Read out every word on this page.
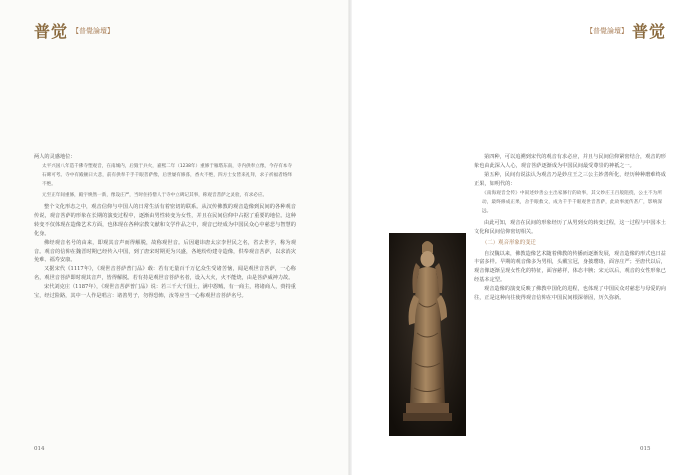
普觉 【普覺論壇】	【普覺論壇】 普觉

两人的灵感地位：

太平兴国八年造千佛寺塑观音，在南城内，后毁于兵火，嘉熙二年（1238年）重修于雁塔东南，寺内供奉立像，今存有本寺石碑可考。寺中有殿额曰大悲，前有供奉千手千眼菩萨像，后世屡有修葺，香火不绝，四方士女皆来礼拜，求子祈福者络绎不绝。

元至正年间重修，殿宇焕然一新，像设庄严，当时住持僧人于寺中立碑记其事，称观音菩萨之灵验，有求必应。

整个文化形态之中，观音信仰与中国人的日常生活有着密切的联系。从汉传佛教的观音造像到民间的各种观音传说，观音菩萨的形象在长期的演变过程中，逐渐由男性转变为女性，并且在民间信仰中占据了重要的地位。这种转变不仅体现在造像艺术方面，也体现在各种宗教文献和文学作品之中，观音已经成为中国民众心中慈悲与智慧的化身。

佛经观音名号的由来，即观其音声而得解脱，故称观世音。后因避讳唐太宗李世民之名，省去世字，称为观音。观音的信仰在魏晋时期已经传入中国，到了唐宋时期更为兴盛，各地纷纷建寺造像，供奉观音菩萨，以求消灾免难、福寿安康。

又据宋代《1117年》，《观世音菩萨普门品》载：若有无量百千万亿众生受诸苦恼，闻是观世音菩萨，一心称名，观世音菩萨即时观其音声，皆得解脱。若有持是观世音菩萨名者，设入大火，火不能烧，由是菩萨威神力故。

宋代刘克庄（1187年），《观世音菩萨普门品》说：若三千大千国土，满中怨贼，有一商主，将诸商人，赍持重宝，经过险路，其中一人作是唱言：诸善男子，勿得恐怖，汝等应当一心称观世音菩萨名号。

第四种，可以追溯到宋代的观音有求必应，并且与民间信仰紧密结合，观音的形象也由此深入人心，观音菩萨逐渐成为中国民间最受尊崇的神祇之一。

第五种，民间有说法认为观音乃是妙庄王之三公主妙善所化，经历种种磨难终成正果，如明代的：

《南海观音全传》中叙述妙善公主出家修行的故事，其父妙庄王百般阻挠，公主不为所动，最终修成正果，舍手眼救父，成为千手千眼观世音菩萨，此故事流传甚广，影响深远。

由此可知，观音在民间的形象经历了从男到女的转变过程，这一过程与中国本土文化和民间信仰密切相关。

（二）观音形象的变迁

自汉魏以来，佛教造像艺术随着佛教的传播而逐渐发展，观音造像的形式也日益丰富多样。早期的观音像多为男相，头戴宝冠，身披璎珞，面容庄严；至唐代以后，观音像逐渐呈现女性化的特征，面容慈祥，体态丰腴；宋元以后，观音的女性形象已经基本定型。

观音造像的演变反映了佛教中国化的进程，也体现了中国民众对慈悲与母爱的向往，正是这种向往使得观音信仰在中国民间根深蒂固，历久弥新。

014	015
